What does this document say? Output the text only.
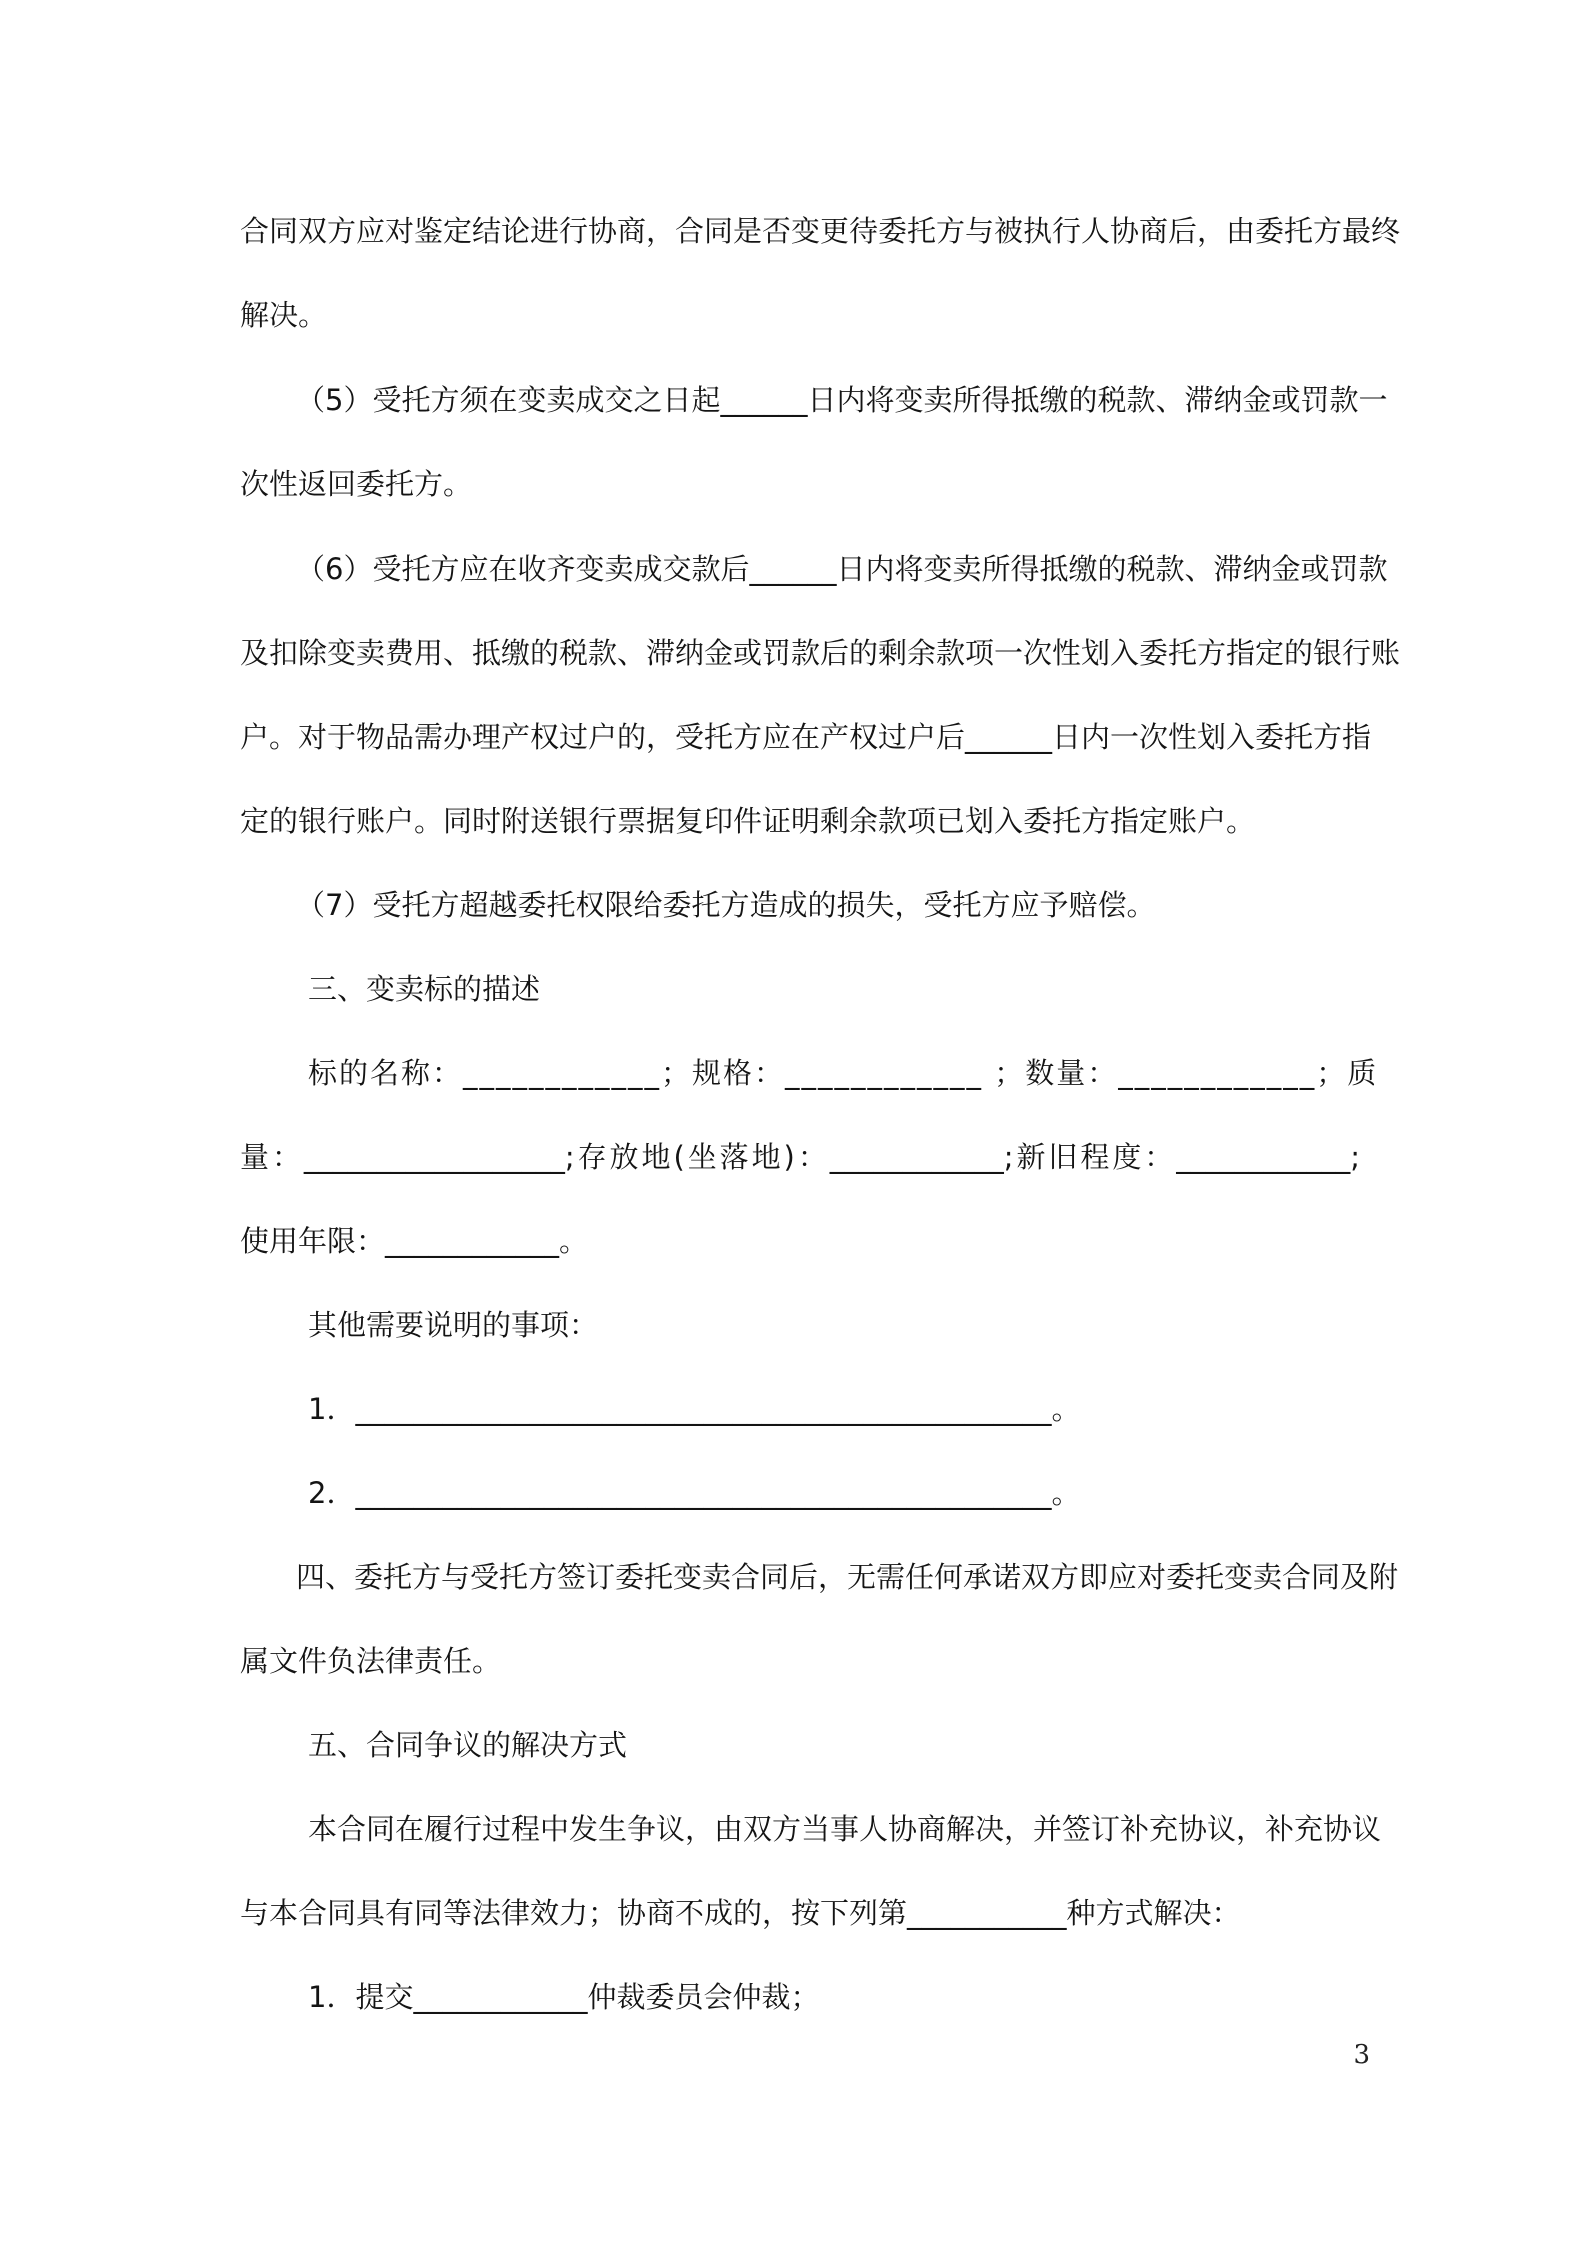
合同双方应对鉴定结论进行协商，合同是否变更待委托方与被执行人协商后，由委托方最终
解决。
（5）受托方须在变卖成交之日起______日内将变卖所得抵缴的税款、滞纳金或罚款一
次性返回委托方。
（6）受托方应在收齐变卖成交款后______日内将变卖所得抵缴的税款、滞纳金或罚款
及扣除变卖费用、抵缴的税款、滞纳金或罚款后的剩余款项一次性划入委托方指定的银行账
户。对于物品需办理产权过户的，受托方应在产权过户后______日内一次性划入委托方指
定的银行账户。同时附送银行票据复印件证明剩余款项已划入委托方指定账户。
（7）受托方超越委托权限给委托方造成的损失，受托方应予赔偿。
三、变卖标的描述
标的名称：____________；规格：____________ ；数量：____________；质
量：__________________;存放地(坐落地)：____________;新旧程度：____________;
使用年限：____________。
其他需要说明的事项：
1．________________________________________________。
2．________________________________________________。
四、委托方与受托方签订委托变卖合同后，无需任何承诺双方即应对委托变卖合同及附
属文件负法律责任。
五、合同争议的解决方式
本合同在履行过程中发生争议，由双方当事人协商解决，并签订补充协议，补充协议
与本合同具有同等法律效力；协商不成的，按下列第___________种方式解决：
1．提交____________仲裁委员会仲裁；
3
